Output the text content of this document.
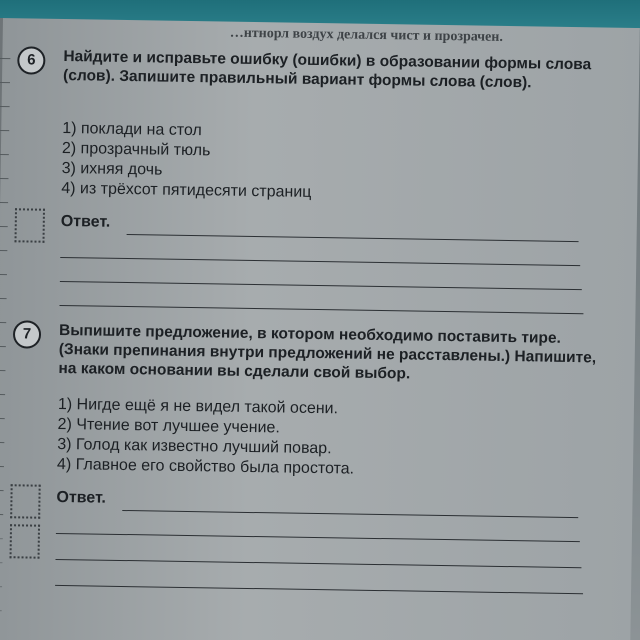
…нтнорл воздух делался чист и прозрачен.
6	Найдите и исправьте ошибку (ошибки) в образовании формы слова (слов). Запишите правильный вариант формы слова (слов).
1) поклади на стол
2) прозрачный тюль
3) ихняя дочь
4) из трёхсот пятидесяти страниц
Ответ.
7	Выпишите предложение, в котором необходимо поставить тире. (Знаки препинания внутри предложений не расставлены.) Напишите, на каком основании вы сделали свой выбор.
1) Нигде ещё я не видел такой осени.
2) Чтение вот лучшее учение.
3) Голод как известно лучший повар.
4) Главное его свойство была простота.
Ответ.
